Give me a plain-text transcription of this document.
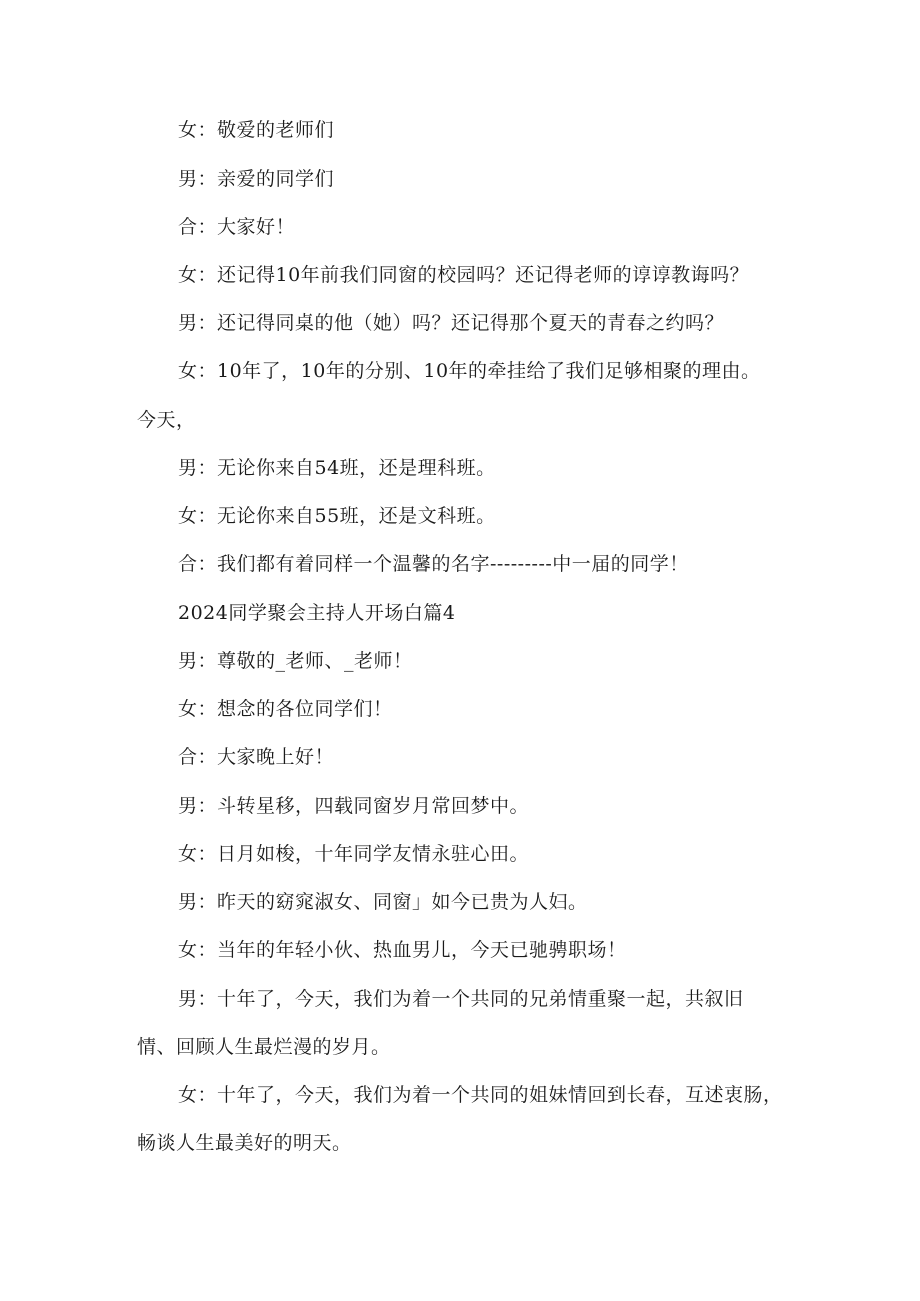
女：敬爱的老师们

男：亲爱的同学们

合：大家好！

女：还记得10年前我们同窗的校园吗？还记得老师的谆谆教诲吗？

男：还记得同桌的他（她）吗？还记得那个夏天的青春之约吗？

女：10年了，10年的分别、10年的牵挂给了我们足够相聚的理由。

今天，

男：无论你来自54班，还是理科班。

女：无论你来自55班，还是文科班。

合：我们都有着同样一个温馨的名字---------中一届的同学！

2024同学聚会主持人开场白篇4

男：尊敬的_老师、_老师！

女：想念的各位同学们！

合：大家晚上好！

男：斗转星移，四载同窗岁月常回梦中。

女：日月如梭，十年同学友情永驻心田。

男：昨天的窈窕淑女、同窗」如今已贵为人妇。

女：当年的年轻小伙、热血男儿，今天已驰骋职场！

男：十年了，今天，我们为着一个共同的兄弟情重聚一起，共叙旧

情、回顾人生最烂漫的岁月。

女：十年了，今天，我们为着一个共同的姐妹情回到长春，互述衷肠，

畅谈人生最美好的明天。
